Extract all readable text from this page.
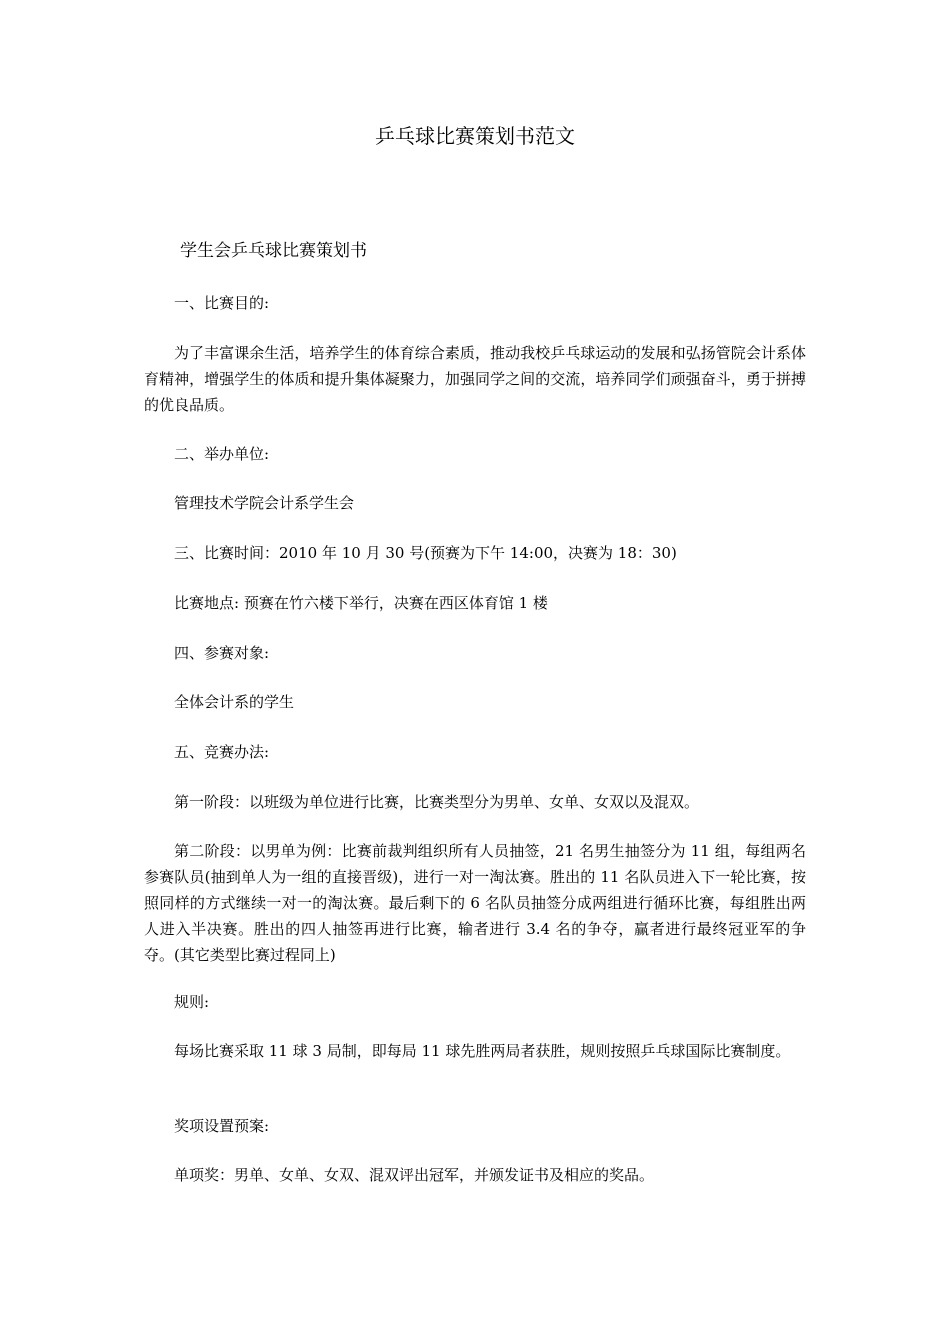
乒乓球比赛策划书范文
学生会乒乓球比赛策划书

一、比赛目的:

为了丰富课余生活，培养学生的体育综合素质，推动我校乒乓球运动的发展和弘扬管院会计系体育精神，增强学生的体质和提升集体凝聚力，加强同学之间的交流，培养同学们顽强奋斗，勇于拼搏的优良品质。

二、举办单位:

管理技术学院会计系学生会

三、比赛时间：2010 年 10 月 30 号(预赛为下午 14:00，决赛为 18：30)

比赛地点: 预赛在竹六楼下举行，决赛在西区体育馆 1 楼

四、参赛对象:

全体会计系的学生

五、竞赛办法:

第一阶段：以班级为单位进行比赛，比赛类型分为男单、女单、女双以及混双。

第二阶段：以男单为例：比赛前裁判组织所有人员抽签，21 名男生抽签分为 11 组，每组两名参赛队员(抽到单人为一组的直接晋级)，进行一对一淘汰赛。胜出的 11 名队员进入下一轮比赛，按照同样的方式继续一对一的淘汰赛。最后剩下的 6 名队员抽签分成两组进行循环比赛，每组胜出两人进入半决赛。胜出的四人抽签再进行比赛，输者进行 3.4 名的争夺，赢者进行最终冠亚军的争夺。(其它类型比赛过程同上)

规则:

每场比赛采取 11 球 3 局制，即每局 11 球先胜两局者获胜，规则按照乒乓球国际比赛制度。

奖项设置预案:

单项奖：男单、女单、女双、混双评出冠军，并颁发证书及相应的奖品。
